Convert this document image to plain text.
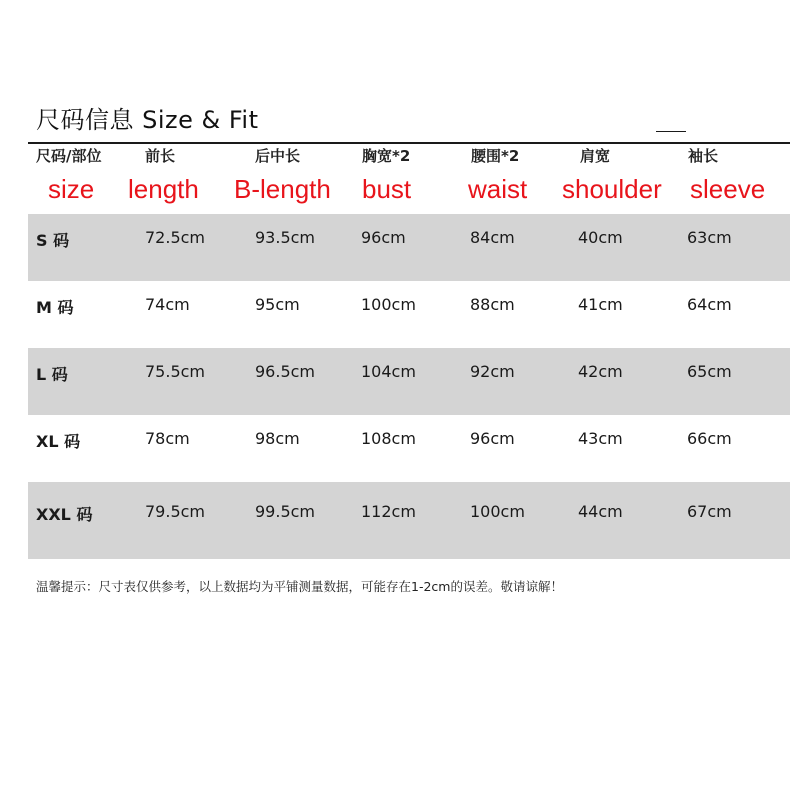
尺码信息 Size & Fit
尺码/部位	前长	后中长	胸宽*2	腰围*2	肩宽	袖长
size length B-length bust waist shoulder sleeve
S 码	72.5cm	93.5cm	96cm	84cm	40cm	63cm
M 码	74cm	95cm	100cm	88cm	41cm	64cm
L 码	75.5cm	96.5cm	104cm	92cm	42cm	65cm
XL 码	78cm	98cm	108cm	96cm	43cm	66cm
XXL 码	79.5cm	99.5cm	112cm	100cm	44cm	67cm
温馨提示：尺寸表仅供参考，以上数据均为平铺测量数据，可能存在1-2cm的误差。敬请谅解！
